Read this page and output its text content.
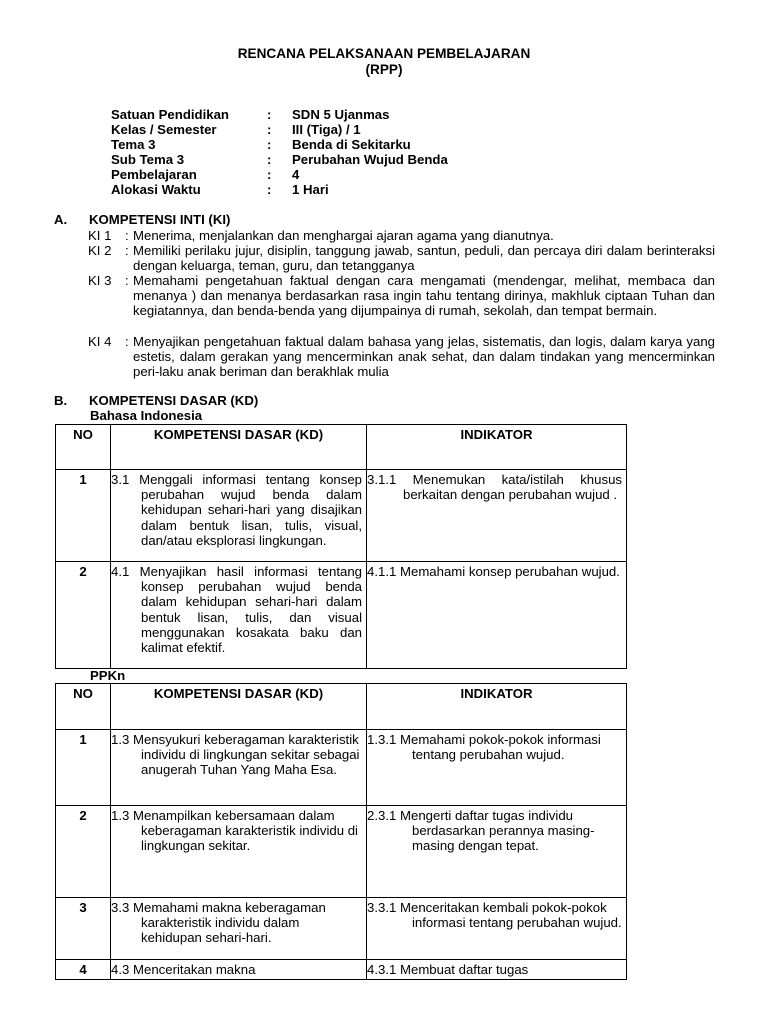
RENCANA PELAKSANAAN PEMBELAJARAN
(RPP)
Satuan Pendidikan	: SDN 5 Ujanmas
Kelas / Semester	: III (Tiga) / 1
Tema 3	: Benda di Sekitarku
Sub Tema 3	: Perubahan Wujud Benda
Pembelajaran	: 4
Alokasi Waktu	: 1 Hari
A. KOMPETENSI INTI (KI)
KI 1 : Menerima, menjalankan dan menghargai ajaran agama yang dianutnya.
KI 2 : Memiliki perilaku jujur, disiplin, tanggung jawab, santun, peduli, dan percaya diri dalam berinteraksi dengan keluarga, teman, guru, dan tetangganya
KI 3 : Memahami pengetahuan faktual dengan cara mengamati (mendengar, melihat, membaca dan menanya ) dan menanya berdasarkan rasa ingin tahu tentang dirinya, makhluk ciptaan Tuhan dan kegiatannya, dan benda-benda yang dijumpainya di rumah, sekolah, dan tempat bermain.
KI 4 : Menyajikan pengetahuan faktual dalam bahasa yang jelas, sistematis, dan logis, dalam karya yang estetis, dalam gerakan yang mencerminkan anak sehat, dan dalam tindakan yang mencerminkan peri-laku anak beriman dan berakhlak mulia
B. KOMPETENSI DASAR (KD)
Bahasa Indonesia
NO	KOMPETENSI DASAR (KD)	INDIKATOR
1	3.1 Menggali informasi tentang konsep perubahan wujud benda dalam kehidupan sehari-hari yang disajikan dalam bentuk lisan, tulis, visual, dan/atau eksplorasi lingkungan.	3.1.1 Menemukan kata/istilah khusus berkaitan dengan perubahan wujud .

2	4.1 Menyajikan hasil informasi tentang konsep perubahan wujud benda dalam kehidupan sehari-hari dalam bentuk lisan, tulis, dan visual menggunakan kosakata baku dan kalimat efektif.	4.1.1 Memahami konsep perubahan wujud.
PPKn
NO	KOMPETENSI DASAR (KD)	INDIKATOR
1	1.3 Mensyukuri keberagaman karakteristik individu di lingkungan sekitar sebagai anugerah Tuhan Yang Maha Esa.	1.3.1 Memahami pokok-pokok informasi tentang perubahan wujud.

2	1.3 Menampilkan kebersamaan dalam keberagaman karakteristik individu di lingkungan sekitar.	2.3.1 Mengerti daftar tugas individu berdasarkan perannya masing-masing dengan tepat.

3	3.3 Memahami makna keberagaman karakteristik individu dalam kehidupan sehari-hari.	3.3.1 Menceritakan kembali pokok-pokok informasi tentang perubahan wujud.

4	4.3 Menceritakan makna	4.3.1 Membuat daftar tugas
